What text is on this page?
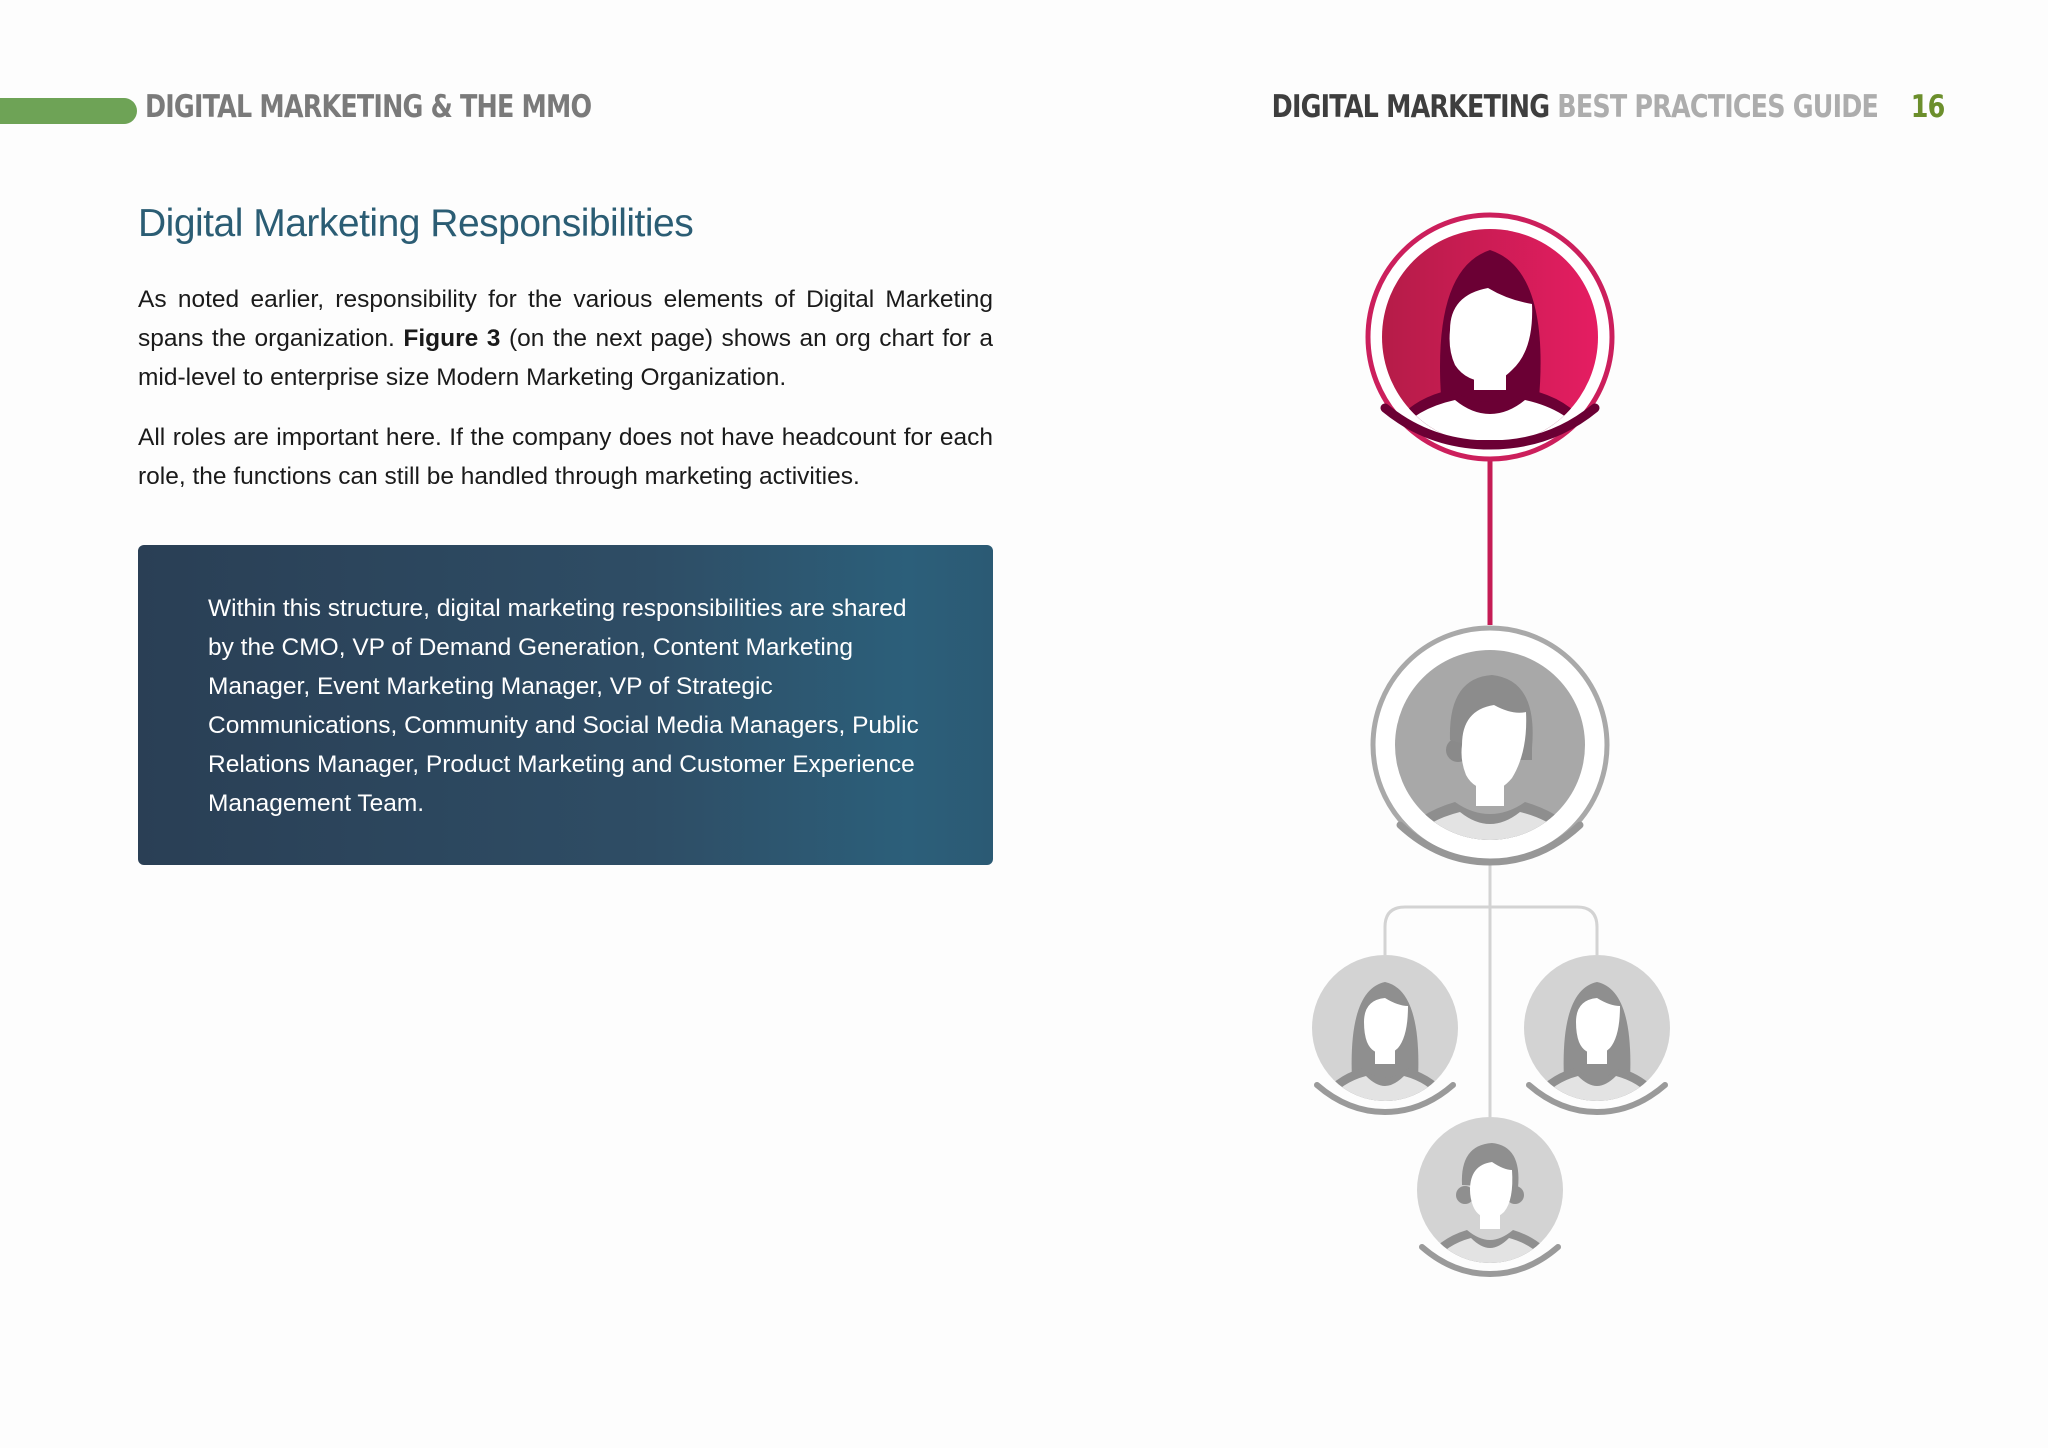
DIGITAL MARKETING & THE MMO	DIGITAL MARKETING BEST PRACTICES GUIDE 16
Digital Marketing Responsibilities

As noted earlier, responsibility for the various elements of Digital Marketing spans the organization. Figure 3 (on the next page) shows an org chart for a mid-level to enterprise size Modern Marketing Organization.

All roles are important here. If the company does not have headcount for each role, the functions can still be handled through marketing activities.

Within this structure, digital marketing responsibilities are shared by the CMO, VP of Demand Generation, Content Marketing Manager, Event Marketing Manager, VP of Strategic Communications, Community and Social Media Managers, Public Relations Manager, Product Marketing and Customer Experience Management Team.
